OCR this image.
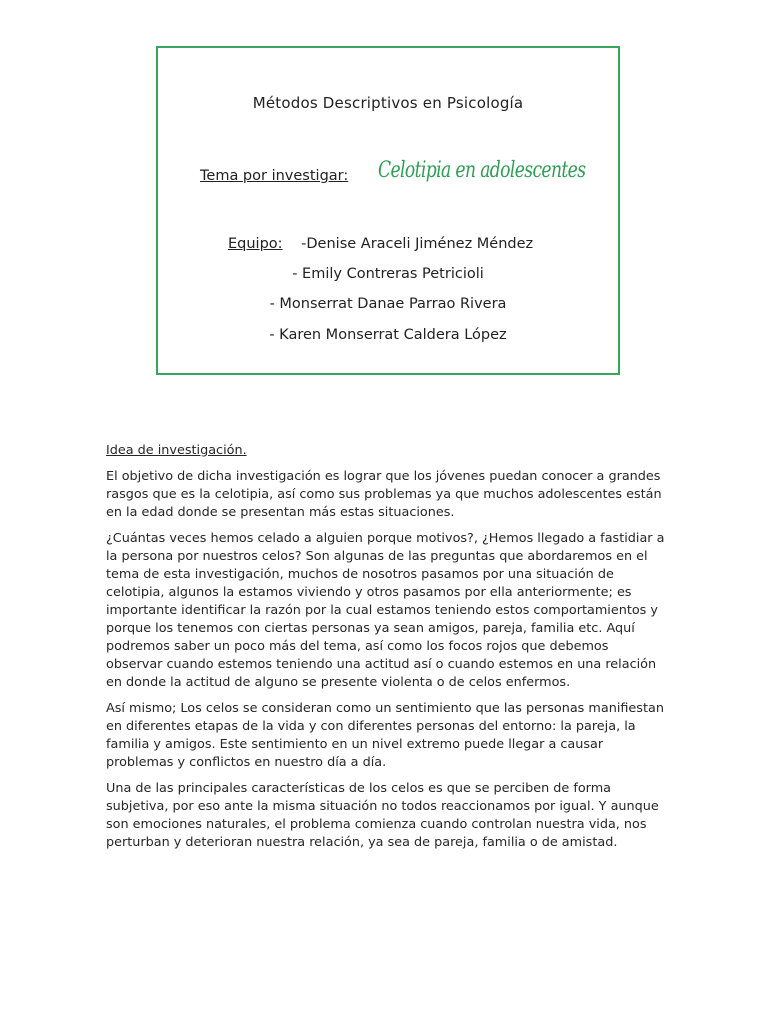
Métodos Descriptivos en Psicología
Tema por investigar: Celotipia en adolescentes
Equipo: -Denise Araceli Jiménez Méndez
- Emily Contreras Petricioli
- Monserrat Danae Parrao Rivera
- Karen Monserrat Caldera López

Idea de investigación.

El objetivo de dicha investigación es lograr que los jóvenes puedan conocer a grandes rasgos que es la celotipia, así como sus problemas ya que muchos adolescentes están en la edad donde se presentan más estas situaciones.

¿Cuántas veces hemos celado a alguien porque motivos?, ¿Hemos llegado a fastidiar a la persona por nuestros celos? Son algunas de las preguntas que abordaremos en el tema de esta investigación, muchos de nosotros pasamos por una situación de celotipia, algunos la estamos viviendo y otros pasamos por ella anteriormente; es importante identificar la razón por la cual estamos teniendo estos comportamientos y porque los tenemos con ciertas personas ya sean amigos, pareja, familia etc. Aquí podremos saber un poco más del tema, así como los focos rojos que debemos observar cuando estemos teniendo una actitud así o cuando estemos en una relación en donde la actitud de alguno se presente violenta o de celos enfermos.

Así mismo; Los celos se consideran como un sentimiento que las personas manifiestan en diferentes etapas de la vida y con diferentes personas del entorno: la pareja, la familia y amigos. Este sentimiento en un nivel extremo puede llegar a causar problemas y conflictos en nuestro día a día.

Una de las principales características de los celos es que se perciben de forma subjetiva, por eso ante la misma situación no todos reaccionamos por igual. Y aunque son emociones naturales, el problema comienza cuando controlan nuestra vida, nos perturban y deterioran nuestra relación, ya sea de pareja, familia o de amistad.
